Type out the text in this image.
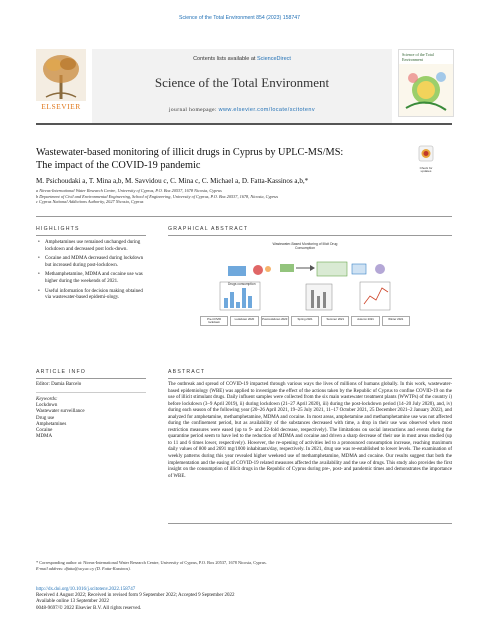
Science of the Total Environment 854 (2023) 158747
ELSEVIER
Contents lists available at ScienceDirect
Science of the Total Environment
journal homepage: www.elsevier.com/locate/scitotenv
Science of the Total Environment
Wastewater-based monitoring of illicit drugs in Cyprus by UPLC-MS/MS:
The impact of the COVID-19 pandemic	Check for updates
M. Psichoudaki a, T. Mina a,b, M. Savvidou c, C. Mina c, C. Michael a, D. Fatta-Kassinos a,b,*
a Nireas-International Water Research Centre, University of Cyprus, P.O. Box 20537, 1678 Nicosia, Cyprus
b Department of Civil and Environmental Engineering, School of Engineering, University of Cyprus, P.O. Box 20537, 1678, Nicosia, Cyprus
c Cyprus National Addictions Authority, 2027 Nicosia, Cyprus
HIGHLIGHTS
• Amphetamines use remained unchanged during lockdown and decreased post lock-down.
• Cocaine and MDMA decreased during lockdown but increased during post-lockdown.
• Methamphetamine, MDMA and cocaine use was higher during the weekends of 2021.
• Useful information for decision making obtained via wastewater-based epidemi-ology.
GRAPHICAL ABSTRACT
Wastewater-Based Monitoring of Illicit Drug Consumption
Drugs consumption
Pre-COVID lockdown
Lockdown 2020	Post-lockdown 2020	Spring 2021	Summer 2021	Autumn 2021	Winter 2021
ARTICLE INFO
Editor: Damia Barcelo
Keywords:
Lockdown
Wastewater surveillance
Drug use
Amphetamines
Cocaine
MDMA
ABSTRACT
The outbreak and spread of COVID-19 impacted through various ways the lives of millions of humans globally. In this work, wastewater-based epidemiology (WBE) was applied to investigate the effect of the actions taken by the Republic of Cyprus to confine COVID-19 on the use of illicit stimulant drugs. Daily influent samples were collected from the six main wastewater treatment plants (WWTPs) of the country i) before lockdown (3–9 April 2019), ii) during lockdown (21–27 April 2020), iii) during the post-lockdown period (14–20 July 2020), and, iv) during each season of the following year (20–26 April 2021, 19–25 July 2021, 11–17 October 2021, 25 December 2021–2 January 2022), and analyzed for amphetamine, methamphetamine, MDMA and cocaine. In most areas, amphetamine and methamphetamine use was not affected during the confinement period, but as availability of the substances decreased with time, a drop in their use was observed when most restriction measures were eased (up to 9- and 22-fold decrease, respectively). The limitations on social interactions and events during the quarantine period seem to have led to the reduction of MDMA and cocaine and driven a sharp decrease of their use in most areas studied (up to 11 and 6 times lower, respectively). However, the re-opening of activities led to a pronounced consumption increase, reaching maximum daily values of 800 and 2691 mg/1000 inhabitants/day, respectively. In 2021, drug use was re-established to lower levels. The examination of weekly patterns during this year revealed higher weekend use of methamphetamine, MDMA and cocaine. Our results suggest that both the implementation and the easing of COVID-19 related measures affected the availability and the use of drugs. This study also provides the first insight on the consumption of illicit drugs in the Republic of Cyprus during pre-, post- and pandemic times and demonstrates the importance of WBE.
* Corresponding author at: Nireas-International Water Research Centre, University of Cyprus, P.O. Box 20537, 1678 Nicosia, Cyprus.
E-mail address: dfatta@ucy.ac.cy (D. Fatta-Kassinos).
http://dx.doi.org/10.1016/j.scitotenv.2022.158747
Received 4 August 2022; Received in revised form 9 September 2022; Accepted 9 September 2022
Available online 13 September 2022
0048-9697/© 2022 Elsevier B.V. All rights reserved.
